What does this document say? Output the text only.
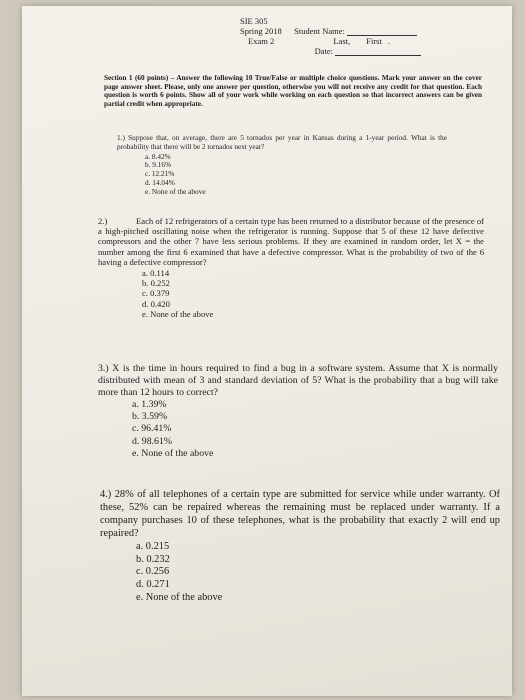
SIE 305
Spring 2018 Student Name:
Exam 2	Last, First .
Date:
Section 1 (60 points) – Answer the following 10 True/False or multiple choice questions. Mark your answer on the cover page answer sheet. Please, only one answer per question, otherwise you will not receive any credit for that question. Each question is worth 6 points. Show all of your work while working on each question so that incorrect answers can be given partial credit when appropriate.
1.) Suppose that, on average, there are 5 tornados per year in Kansas during a 1-year period. What is the probability that there will be 2 tornados next year?
a. 8.42%
b. 9.16%
c. 12.21%
d. 14.04%
e. None of the above
2.)	Each of 12 refrigerators of a certain type has been returned to a distributor because of the presence of a high-pitched oscillating noise when the refrigerator is running. Suppose that 5 of these 12 have defective compressors and the other 7 have less serious problems. If they are examined in random order, let X = the number among the first 6 examined that have a defective compressor. What is the probability of two of the 6 having a defective compressor?
a. 0.114
b. 0.252
c. 0.379
d. 0.420
e. None of the above
3.) X is the time in hours required to find a bug in a software system. Assume that X is normally distributed with mean of 3 and standard deviation of 5? What is the probability that a bug will take more than 12 hours to correct?
a. 1.39%
b. 3.59%
c. 96.41%
d. 98.61%
e. None of the above
4.) 28% of all telephones of a certain type are submitted for service while under warranty. Of these, 52% can be repaired whereas the remaining must be replaced under warranty. If a company purchases 10 of these telephones, what is the probability that exactly 2 will end up repaired?
a. 0.215
b. 0.232
c. 0.256
d. 0.271
e. None of the above
